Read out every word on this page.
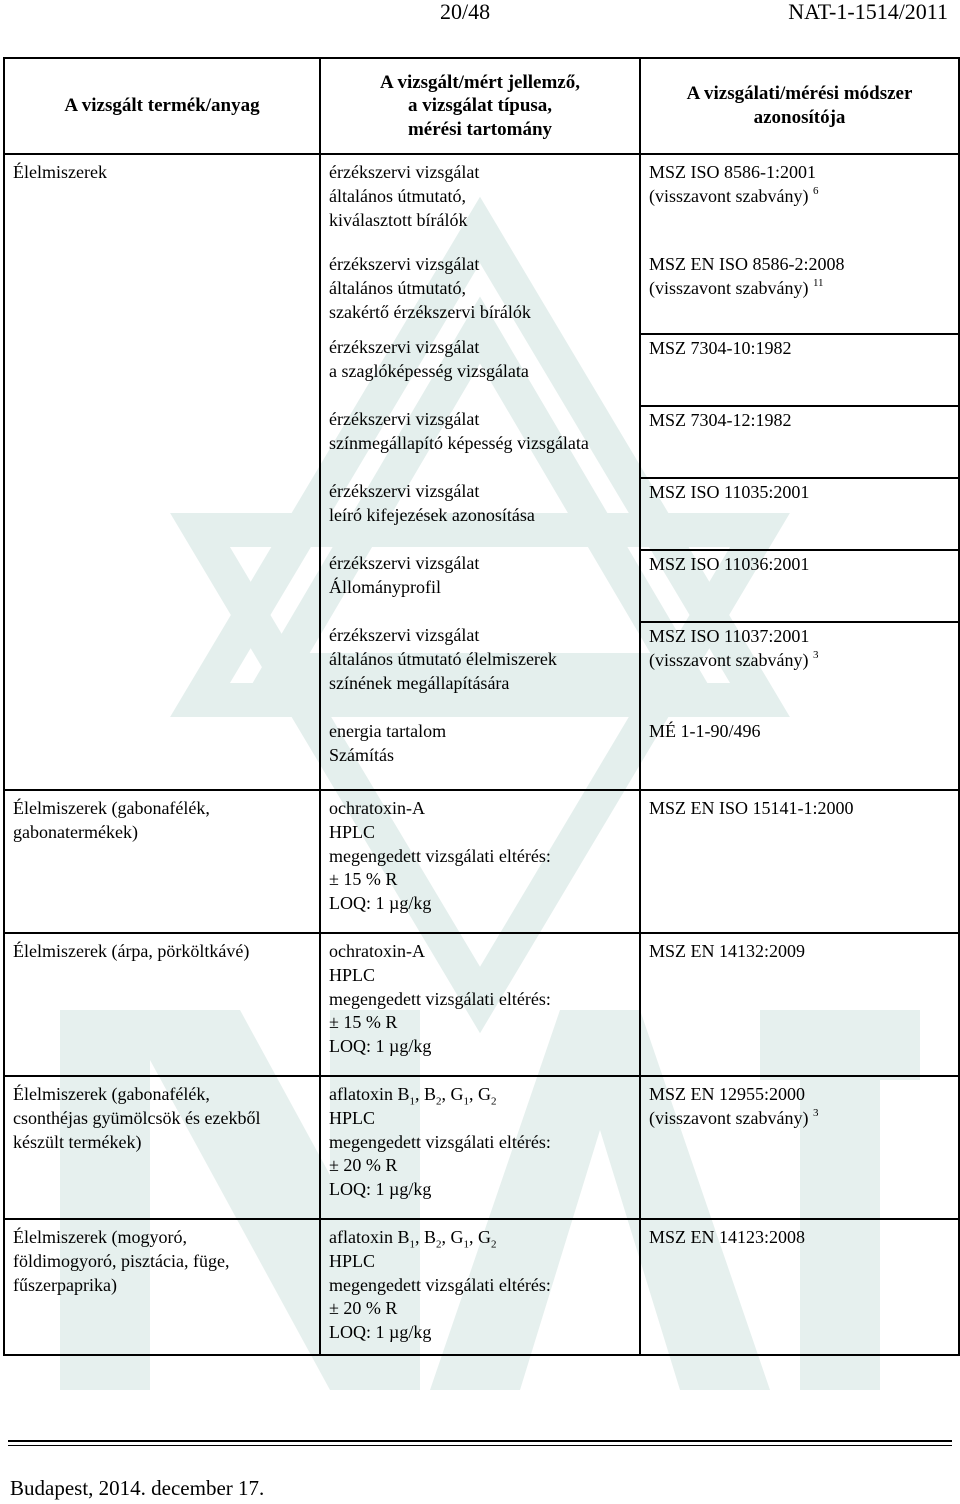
20/48	NAT-1-1514/2011
A vizsgált termék/anyag	A vizsgált/mért jellemző,
a vizsgálat típusa,
mérési tartomány	A vizsgálati/mérési módszer
azonosítója

Élelmiszerek	érzékszervi vizsgálat
általános útmutató,
kiválasztott bírálók	MSZ ISO 8586-1:2001
(visszavont szabvány) $^6$

	érzékszervi vizsgálat
általános útmutató,
szakértő érzékszervi bírálók	MSZ EN ISO 8586-2:2008
(visszavont szabvány) $^{11}$

	érzékszervi vizsgálat
a szaglóképesség vizsgálata	MSZ 7304-10:1982

	érzékszervi vizsgálat
színmegállapító képesség vizsgálata	MSZ 7304-12:1982

	érzékszervi vizsgálat
leíró kifejezések azonosítása	MSZ ISO 11035:2001

	érzékszervi vizsgálat
Állományprofil	MSZ ISO 11036:2001

	érzékszervi vizsgálat
általános útmutató élelmiszerek
színének megállapítására	MSZ ISO 11037:2001
(visszavont szabvány) $^3$

	energia tartalom
Számítás	MÉ 1-1-90/496

Élelmiszerek (gabonafélék,
gabonatermékek)	ochratoxin-A
HPLC
megengedett vizsgálati eltérés:
± 15 % R
LOQ: 1 µg/kg	MSZ EN ISO 15141-1:2000

Élelmiszerek (árpa, pörköltkávé)	ochratoxin-A
HPLC
megengedett vizsgálati eltérés:
± 15 % R
LOQ: 1 µg/kg	MSZ EN 14132:2009

Élelmiszerek (gabonafélék,
csonthéjas gyümölcsök és ezekből
készült termékek)	aflatoxin $B_1$, $B_2$, $G_1$, $G_2$
HPLC
megengedett vizsgálati eltérés:
± 20 % R
LOQ: 1 µg/kg	MSZ EN 12955:2000
(visszavont szabvány) $^3$

Élelmiszerek (mogyoró,
földimogyoró, pisztácia, füge,
fűszerpaprika)	aflatoxin $B_1$, $B_2$, $G_1$, $G_2$
HPLC
megengedett vizsgálati eltérés:
± 20 % R
LOQ: 1 µg/kg	MSZ EN 14123:2008
Budapest, 2014. december 17.
